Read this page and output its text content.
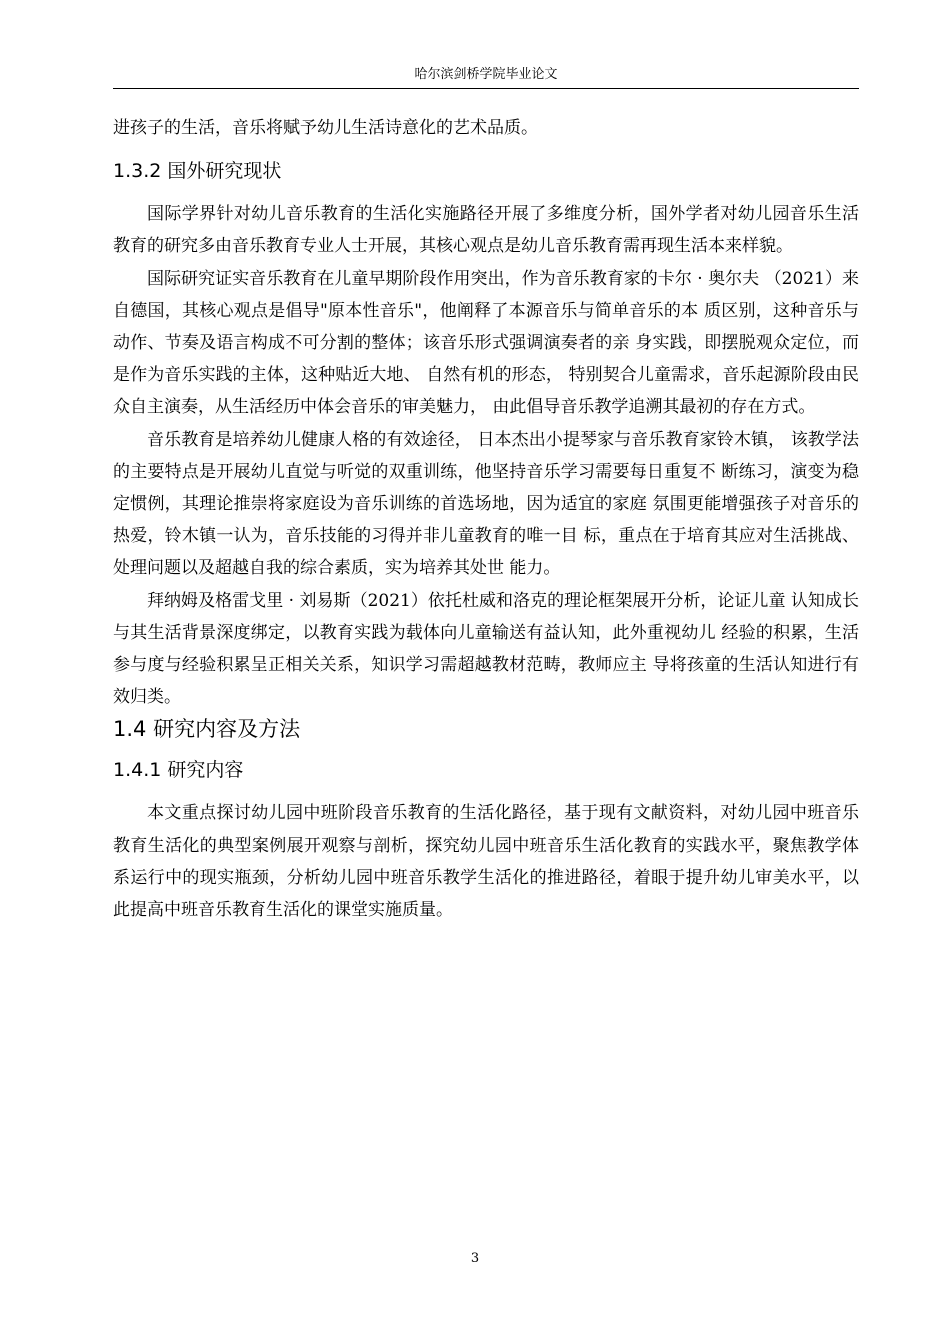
哈尔滨剑桥学院毕业论文

进孩子的生活，音乐将赋予幼儿生活诗意化的艺术品质。

1.3.2 国外研究现状

国际学界针对幼儿音乐教育的生活化实施路径开展了多维度分析，国外学者对幼儿园音乐生活教育的研究多由音乐教育专业人士开展，其核心观点是幼儿音乐教育需再现生活本来样貌。

国际研究证实音乐教育在儿童早期阶段作用突出，作为音乐教育家的卡尔 · 奥尔夫 （2021）来自德国，其核心观点是倡导"原本性音乐"，他阐释了本源音乐与简单音乐的本 质区别，这种音乐与动作、节奏及语言构成不可分割的整体；该音乐形式强调演奏者的亲 身实践，即摆脱观众定位，而是作为音乐实践的主体，这种贴近大地、 自然有机的形态， 特别契合儿童需求，音乐起源阶段由民众自主演奏，从生活经历中体会音乐的审美魅力， 由此倡导音乐教学追溯其最初的存在方式。

音乐教育是培养幼儿健康人格的有效途径， 日本杰出小提琴家与音乐教育家铃木镇， 该教学法的主要特点是开展幼儿直觉与听觉的双重训练，他坚持音乐学习需要每日重复不 断练习，演变为稳定惯例，其理论推崇将家庭设为音乐训练的首选场地，因为适宜的家庭 氛围更能增强孩子对音乐的热爱，铃木镇一认为，音乐技能的习得并非儿童教育的唯一目 标，重点在于培育其应对生活挑战、处理问题以及超越自我的综合素质，实为培养其处世 能力。

拜纳姆及格雷戈里 · 刘易斯（2021）依托杜威和洛克的理论框架展开分析，论证儿童 认知成长与其生活背景深度绑定，以教育实践为载体向儿童输送有益认知，此外重视幼儿 经验的积累，生活参与度与经验积累呈正相关关系，知识学习需超越教材范畴，教师应主 导将孩童的生活认知进行有效归类。

1.4 研究内容及方法
1.4.1 研究内容

本文重点探讨幼儿园中班阶段音乐教育的生活化路径，基于现有文献资料，对幼儿园中班音乐教育生活化的典型案例展开观察与剖析，探究幼儿园中班音乐生活化教育的实践水平，聚焦教学体系运行中的现实瓶颈，分析幼儿园中班音乐教学生活化的推进路径，着眼于提升幼儿审美水平，以此提高中班音乐教育生活化的课堂实施质量。

3
